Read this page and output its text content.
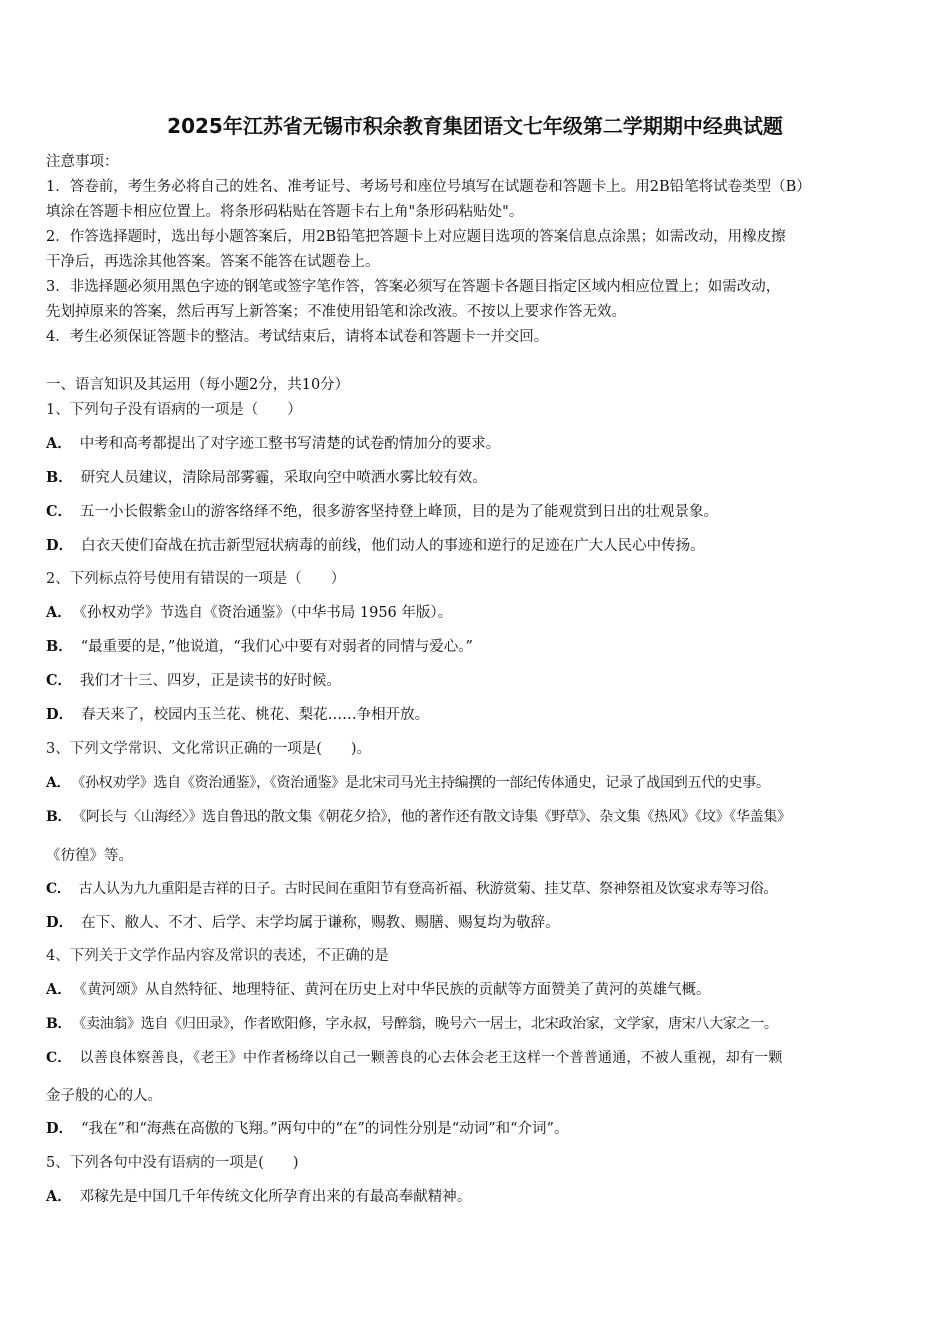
2025年江苏省无锡市积余教育集团语文七年级第二学期期中经典试题
注意事项：
1．答卷前，考生务必将自己的姓名、准考证号、考场号和座位号填写在试题卷和答题卡上。用2B铅笔将试卷类型（B）
填涂在答题卡相应位置上。将条形码粘贴在答题卡右上角"条形码粘贴处"。
2．作答选择题时，选出每小题答案后，用2B铅笔把答题卡上对应题目选项的答案信息点涂黑；如需改动，用橡皮擦
干净后，再选涂其他答案。答案不能答在试题卷上。
3．非选择题必须用黑色字迹的钢笔或签字笔作答，答案必须写在答题卡各题目指定区域内相应位置上；如需改动，
先划掉原来的答案，然后再写上新答案；不准使用铅笔和涂改液。不按以上要求作答无效。
4．考生必须保证答题卡的整洁。考试结束后，请将本试卷和答题卡一并交回。
一、语言知识及其运用（每小题2分，共10分）
1、下列句子没有语病的一项是（　　）
A． 中考和高考都提出了对字迹工整书写清楚的试卷酌情加分的要求。
B． 研究人员建议，清除局部雾霾，采取向空中喷洒水雾比较有效。
C． 五一小长假紫金山的游客络绎不绝，很多游客坚持登上峰顶，目的是为了能观赏到日出的壮观景象。
D． 白衣天使们奋战在抗击新型冠状病毒的前线，他们动人的事迹和逆行的足迹在广大人民心中传扬。
2、下列标点符号使用有错误的一项是（　　）
A． 《孙权劝学》节选自《资治通鉴》（中华书局 1956 年版）。
B． “最重要的是，”他说道，“我们心中要有对弱者的同情与爱心。”
C． 我们才十三、四岁，正是读书的好时候。
D． 春天来了，校园内玉兰花、桃花、梨花……争相开放。
3、下列文学常识、文化常识正确的一项是(　　)。
A． 《孙权劝学》选自《资治通鉴》，《资治通鉴》是北宋司马光主持编撰的一部纪传体通史，记录了战国到五代的史事。
B． 《阿长与〈山海经〉》选自鲁迅的散文集《朝花夕拾》，他的著作还有散文诗集《野草》、杂文集《热风》《坟》《华盖集》
《彷徨》等。
C． 古人认为九九重阳是吉祥的日子。古时民间在重阳节有登高祈福、秋游赏菊、挂艾草、祭神祭祖及饮宴求寿等习俗。
D． 在下、敝人、不才、后学、末学均属于谦称，赐教、赐膳、赐复均为敬辞。
4、下列关于文学作品内容及常识的表述，不正确的是
A． 《黄河颂》从自然特征、地理特征、黄河在历史上对中华民族的贡献等方面赞美了黄河的英雄气概。
B． 《卖油翁》选自《归田录》，作者欧阳修，字永叔，号醉翁，晚号六一居士，北宋政治家，文学家，唐宋八大家之一。
C． 以善良体察善良，《老王》中作者杨绛以自己一颗善良的心去体会老王这样一个普普通通，不被人重视，却有一颗
金子般的心的人。
D． “我在”和“海燕在高傲的飞翔。”两句中的“在”的词性分别是“动词”和“介词”。
5、下列各句中没有语病的一项是(　　)
A． 邓稼先是中国几千年传统文化所孕育出来的有最高奉献精神。
